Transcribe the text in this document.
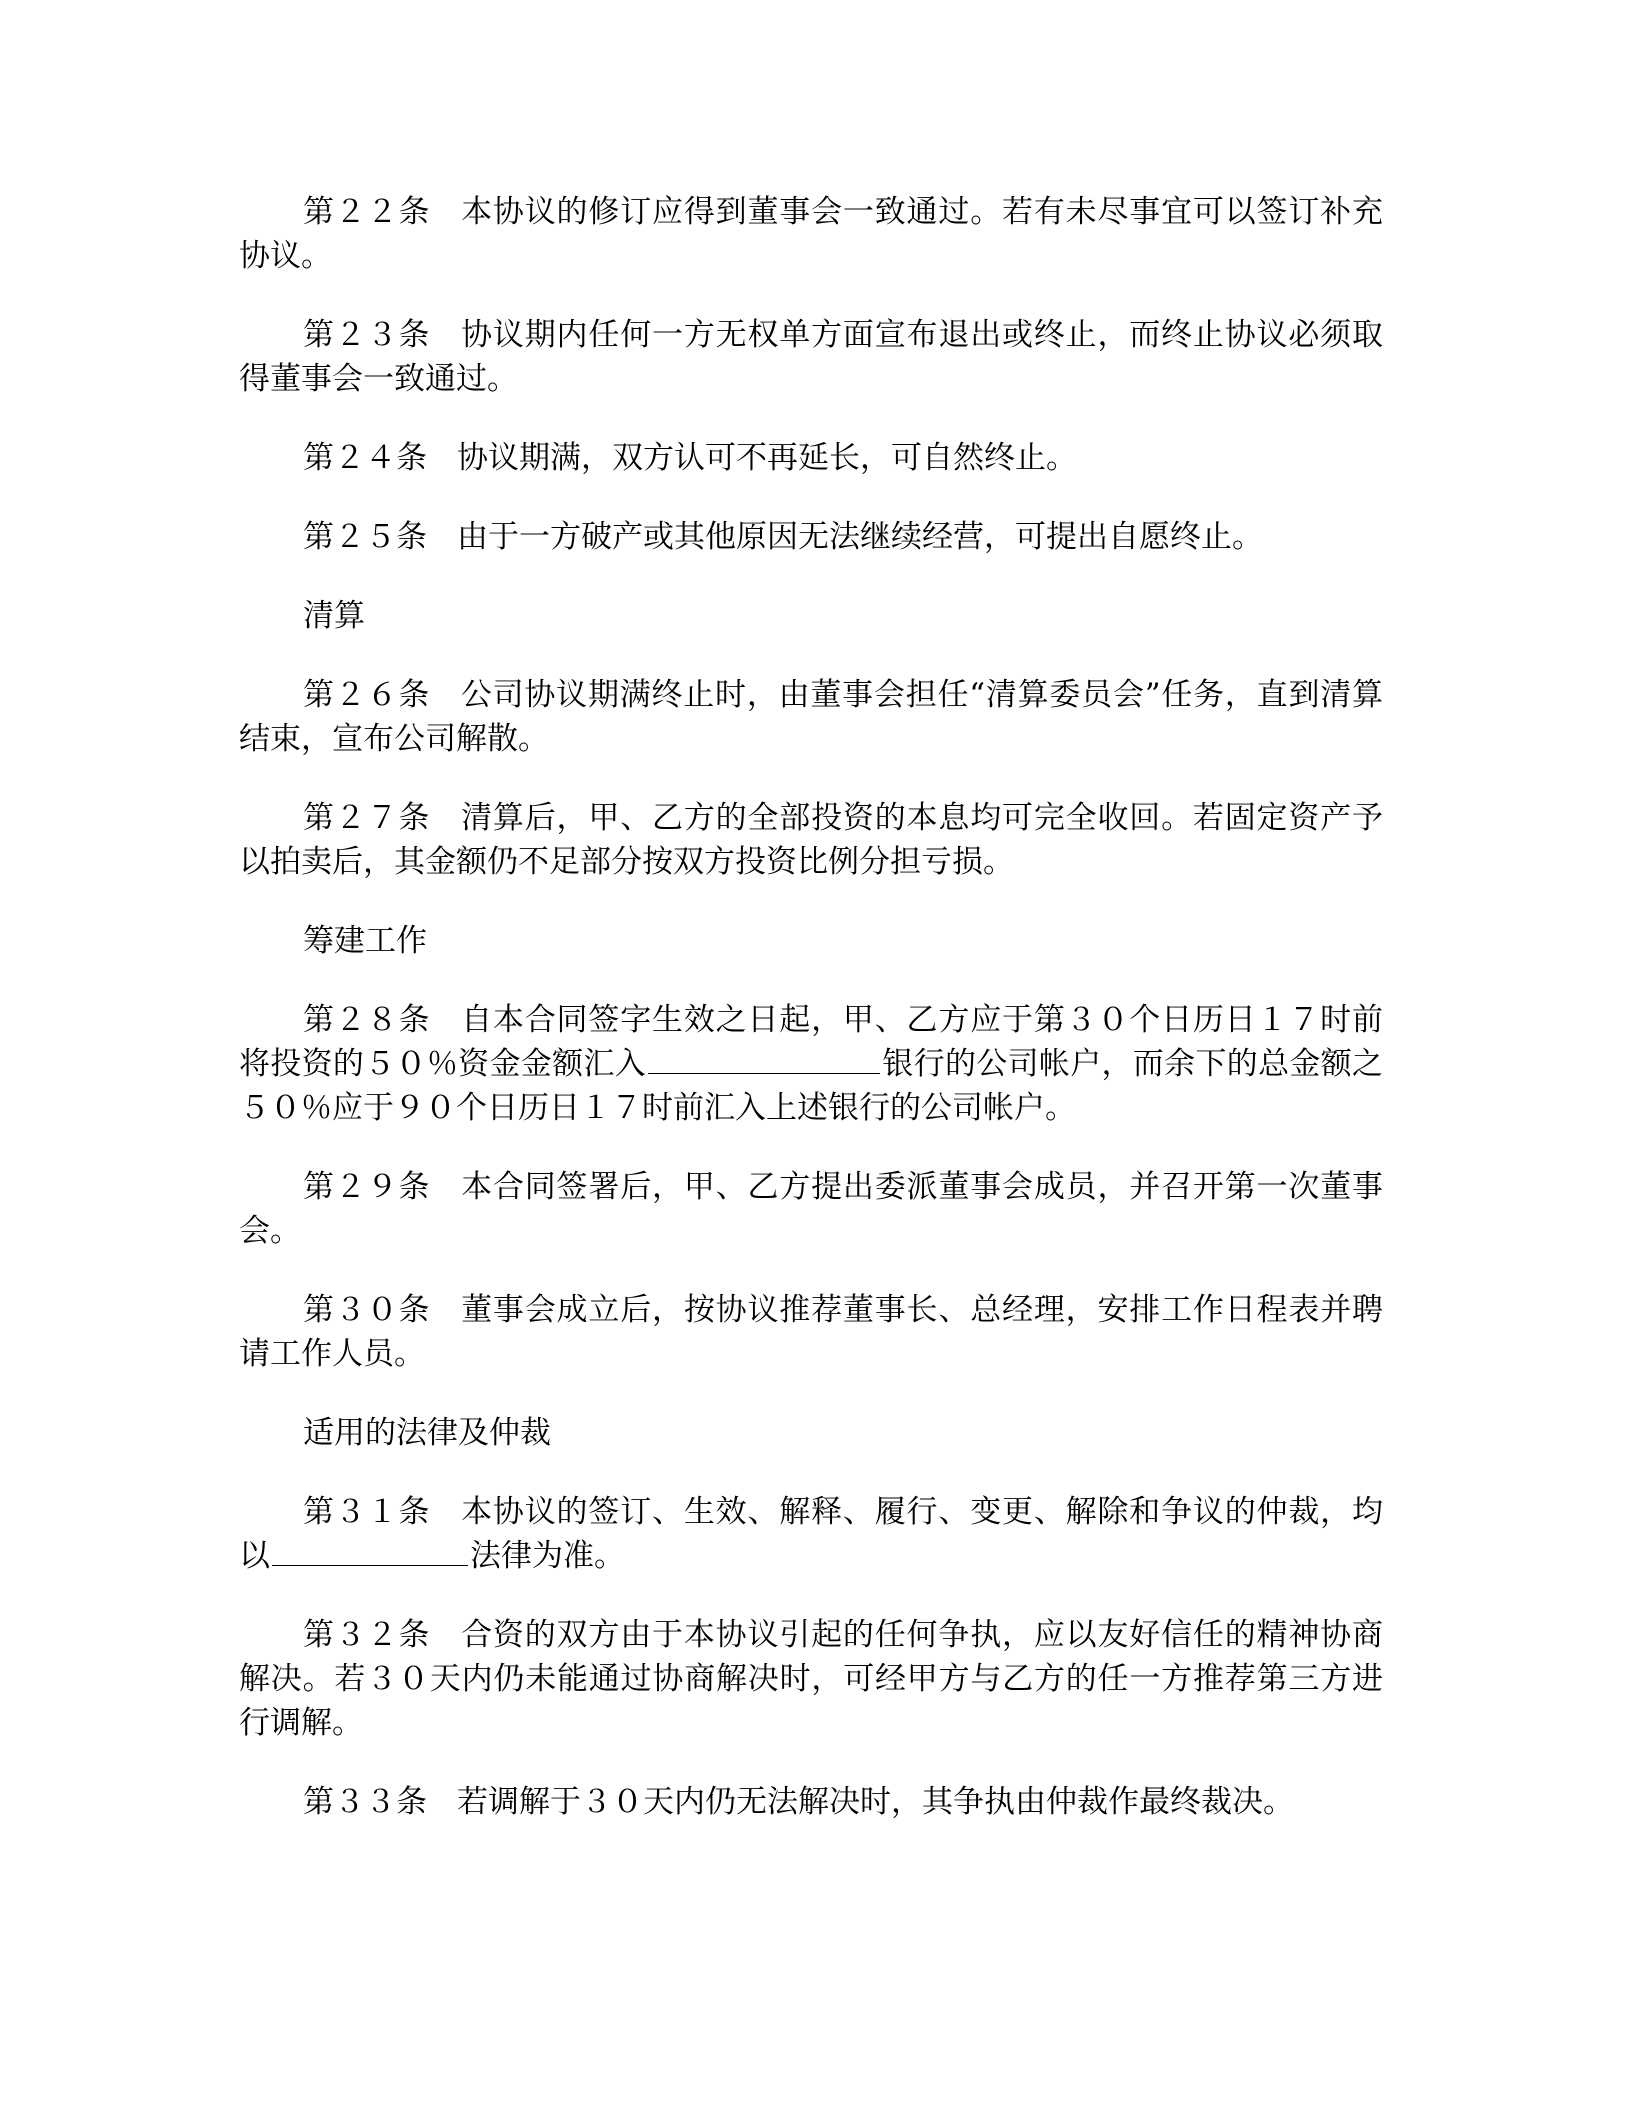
第２２条 本协议的修订应得到董事会一致通过。若有未尽事宜可以签订补充协议。

第２３条 协议期内任何一方无权单方面宣布退出或终止，而终止协议必须取得董事会一致通过。

第２４条 协议期满，双方认可不再延长，可自然终止。

第２５条 由于一方破产或其他原因无法继续经营，可提出自愿终止。

清算

第２６条 公司协议期满终止时，由董事会担任“清算委员会”任务，直到清算结束，宣布公司解散。

第２７条 清算后，甲、乙方的全部投资的本息均可完全收回。若固定资产予以拍卖后，其金额仍不足部分按双方投资比例分担亏损。

筹建工作

第２８条 自本合同签字生效之日起，甲、乙方应于第３０个日历日１７时前将投资的５０％资金金额汇入	银行的公司帐户，而余下的总金额之５０％应于９０个日历日１７时前汇入上述银行的公司帐户。

第２９条 本合同签署后，甲、乙方提出委派董事会成员，并召开第一次董事会。

第３０条 董事会成立后，按协议推荐董事长、总经理，安排工作日程表并聘请工作人员。

适用的法律及仲裁

第３１条 本协议的签订、生效、解释、履行、变更、解除和争议的仲裁，均以	法律为准。

第３２条 合资的双方由于本协议引起的任何争执，应以友好信任的精神协商解决。若３０天内仍未能通过协商解决时，可经甲方与乙方的任一方推荐第三方进行调解。

第３３条 若调解于３０天内仍无法解决时，其争执由仲裁作最终裁决。
